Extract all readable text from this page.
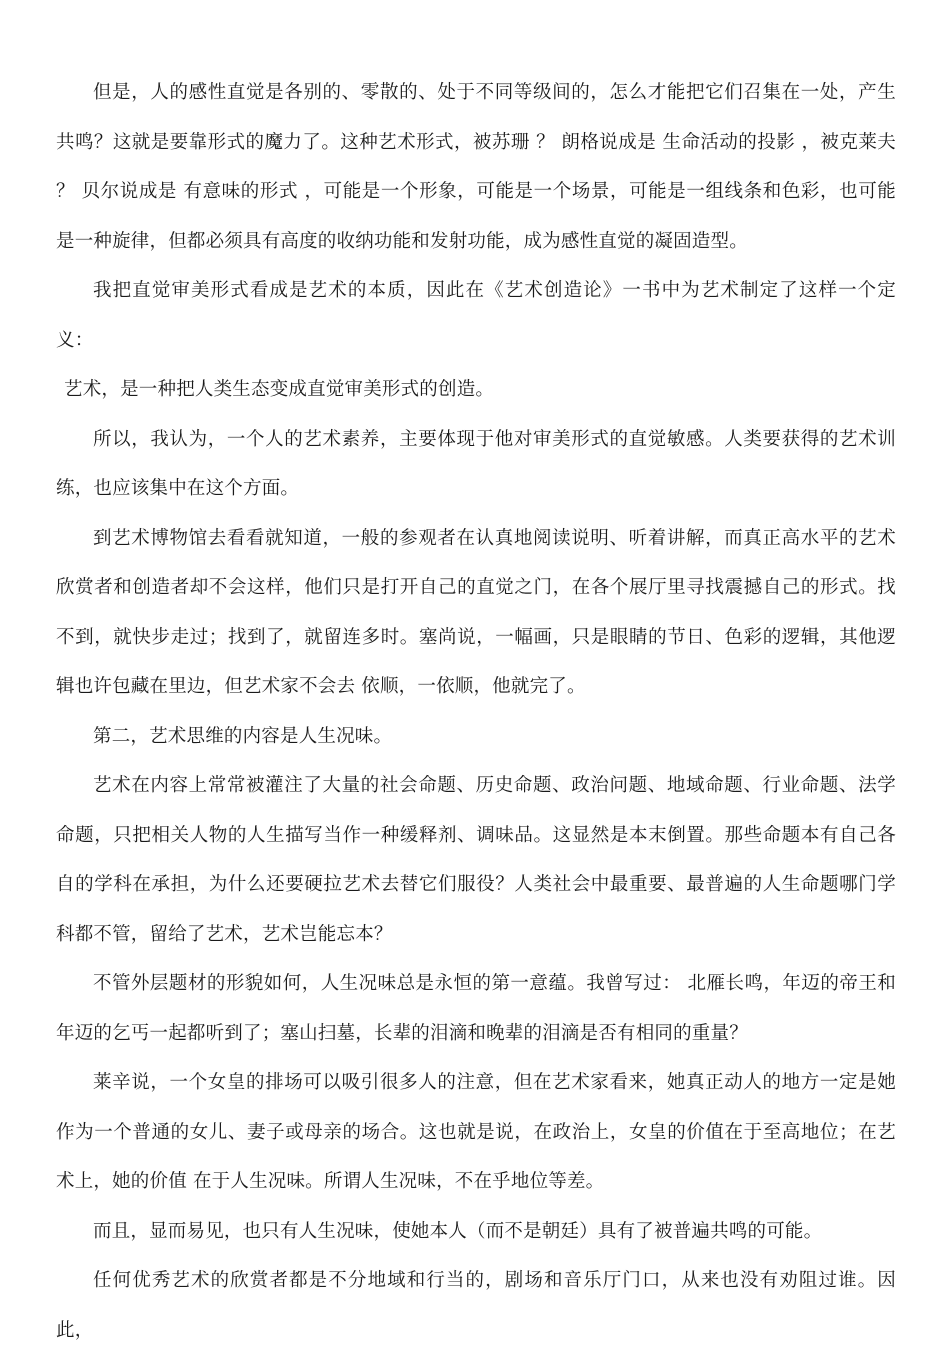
但是，人的感性直觉是各别的、零散的、处于不同等级间的，怎么才能把它们召集在一处，产生共鸣？这就是要靠形式的魔力了。这种艺术形式，被苏珊 ？ 朗格说成是 生命活动的投影 ，被克莱夫 ？ 贝尔说成是 有意味的形式 ，可能是一个形象，可能是一个场景，可能是一组线条和色彩，也可能是一种旋律，但都必须具有高度的收纳功能和发射功能，成为感性直觉的凝固造型。

我把直觉审美形式看成是艺术的本质，因此在《艺术创造论》一书中为艺术制定了这样一个定义：

艺术，是一种把人类生态变成直觉审美形式的创造。

所以，我认为，一个人的艺术素养，主要体现于他对审美形式的直觉敏感。人类要获得的艺术训练，也应该集中在这个方面。

到艺术博物馆去看看就知道，一般的参观者在认真地阅读说明、听着讲解，而真正高水平的艺术欣赏者和创造者却不会这样，他们只是打开自己的直觉之门，在各个展厅里寻找震撼自己的形式。找不到，就快步走过；找到了，就留连多时。塞尚说，一幅画，只是眼睛的节日、色彩的逻辑，其他逻辑也许包藏在里边，但艺术家不会去 依顺，一依顺，他就完了。

第二，艺术思维的内容是人生况味。

艺术在内容上常常被灌注了大量的社会命题、历史命题、政治问题、地域命题、行业命题、法学命题，只把相关人物的人生描写当作一种缓释剂、调味品。这显然是本末倒置。那些命题本有自己各自的学科在承担，为什么还要硬拉艺术去替它们服役？人类社会中最重要、最普遍的人生命题哪门学科都不管，留给了艺术，艺术岂能忘本？

不管外层题材的形貌如何，人生况味总是永恒的第一意蕴。我曾写过： 北雁长鸣，年迈的帝王和年迈的乞丐一起都听到了；塞山扫墓，长辈的泪滴和晚辈的泪滴是否有相同的重量？

莱辛说，一个女皇的排场可以吸引很多人的注意，但在艺术家看来，她真正动人的地方一定是她作为一个普通的女儿、妻子或母亲的场合。这也就是说，在政治上，女皇的价值在于至高地位；在艺术上，她的价值 在于人生况味。所谓人生况味，不在乎地位等差。

而且，显而易见，也只有人生况味，使她本人（而不是朝廷）具有了被普遍共鸣的可能。

任何优秀艺术的欣赏者都是不分地域和行当的，剧场和音乐厅门口，从来也没有劝阻过谁。因此，
